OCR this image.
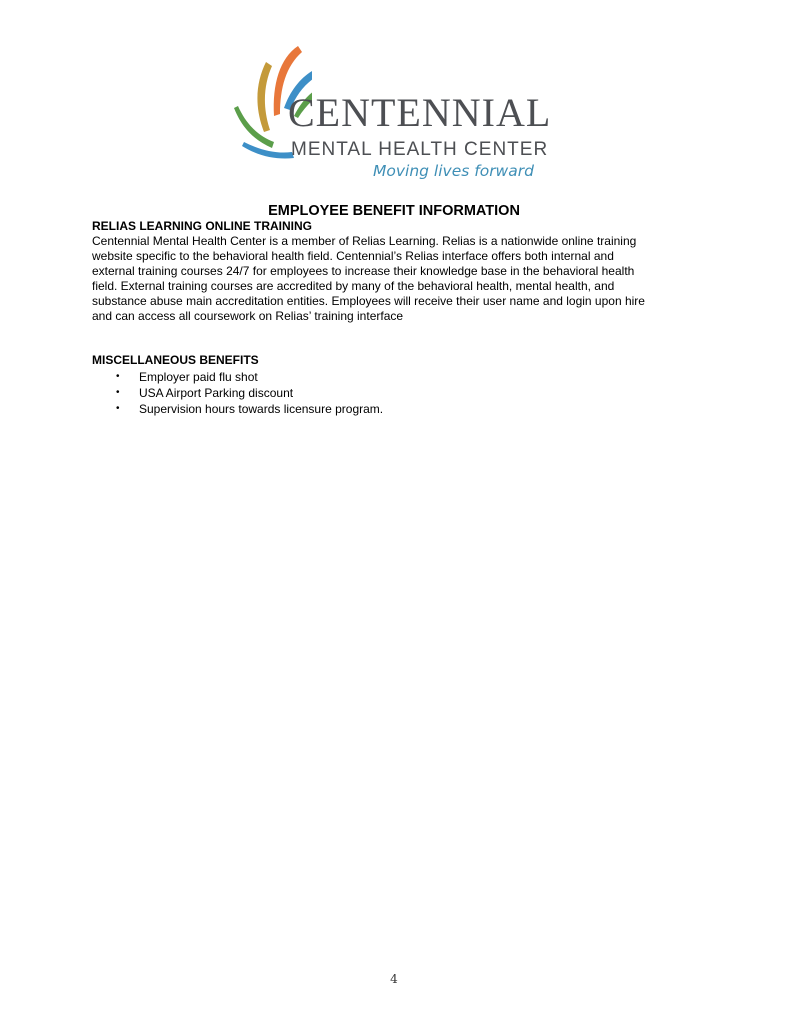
CENTENNIAL
MENTAL HEALTH CENTER
Moving lives forward
EMPLOYEE BENEFIT INFORMATION
RELIAS LEARNING ONLINE TRAINING

Centennial Mental Health Center is a member of Relias Learning. Relias is a nationwide online training
website specific to the behavioral health field. Centennial’s Relias interface offers both internal and
external training courses 24/7 for employees to increase their knowledge base in the behavioral health
field. External training courses are accredited by many of the behavioral health, mental health, and
substance abuse main accreditation entities. Employees will receive their user name and login upon hire
and can access all coursework on Relias’ training interface

MISCELLANEOUS BENEFITS
• Employer paid flu shot
• USA Airport Parking discount
• Supervision hours towards licensure program.
4
